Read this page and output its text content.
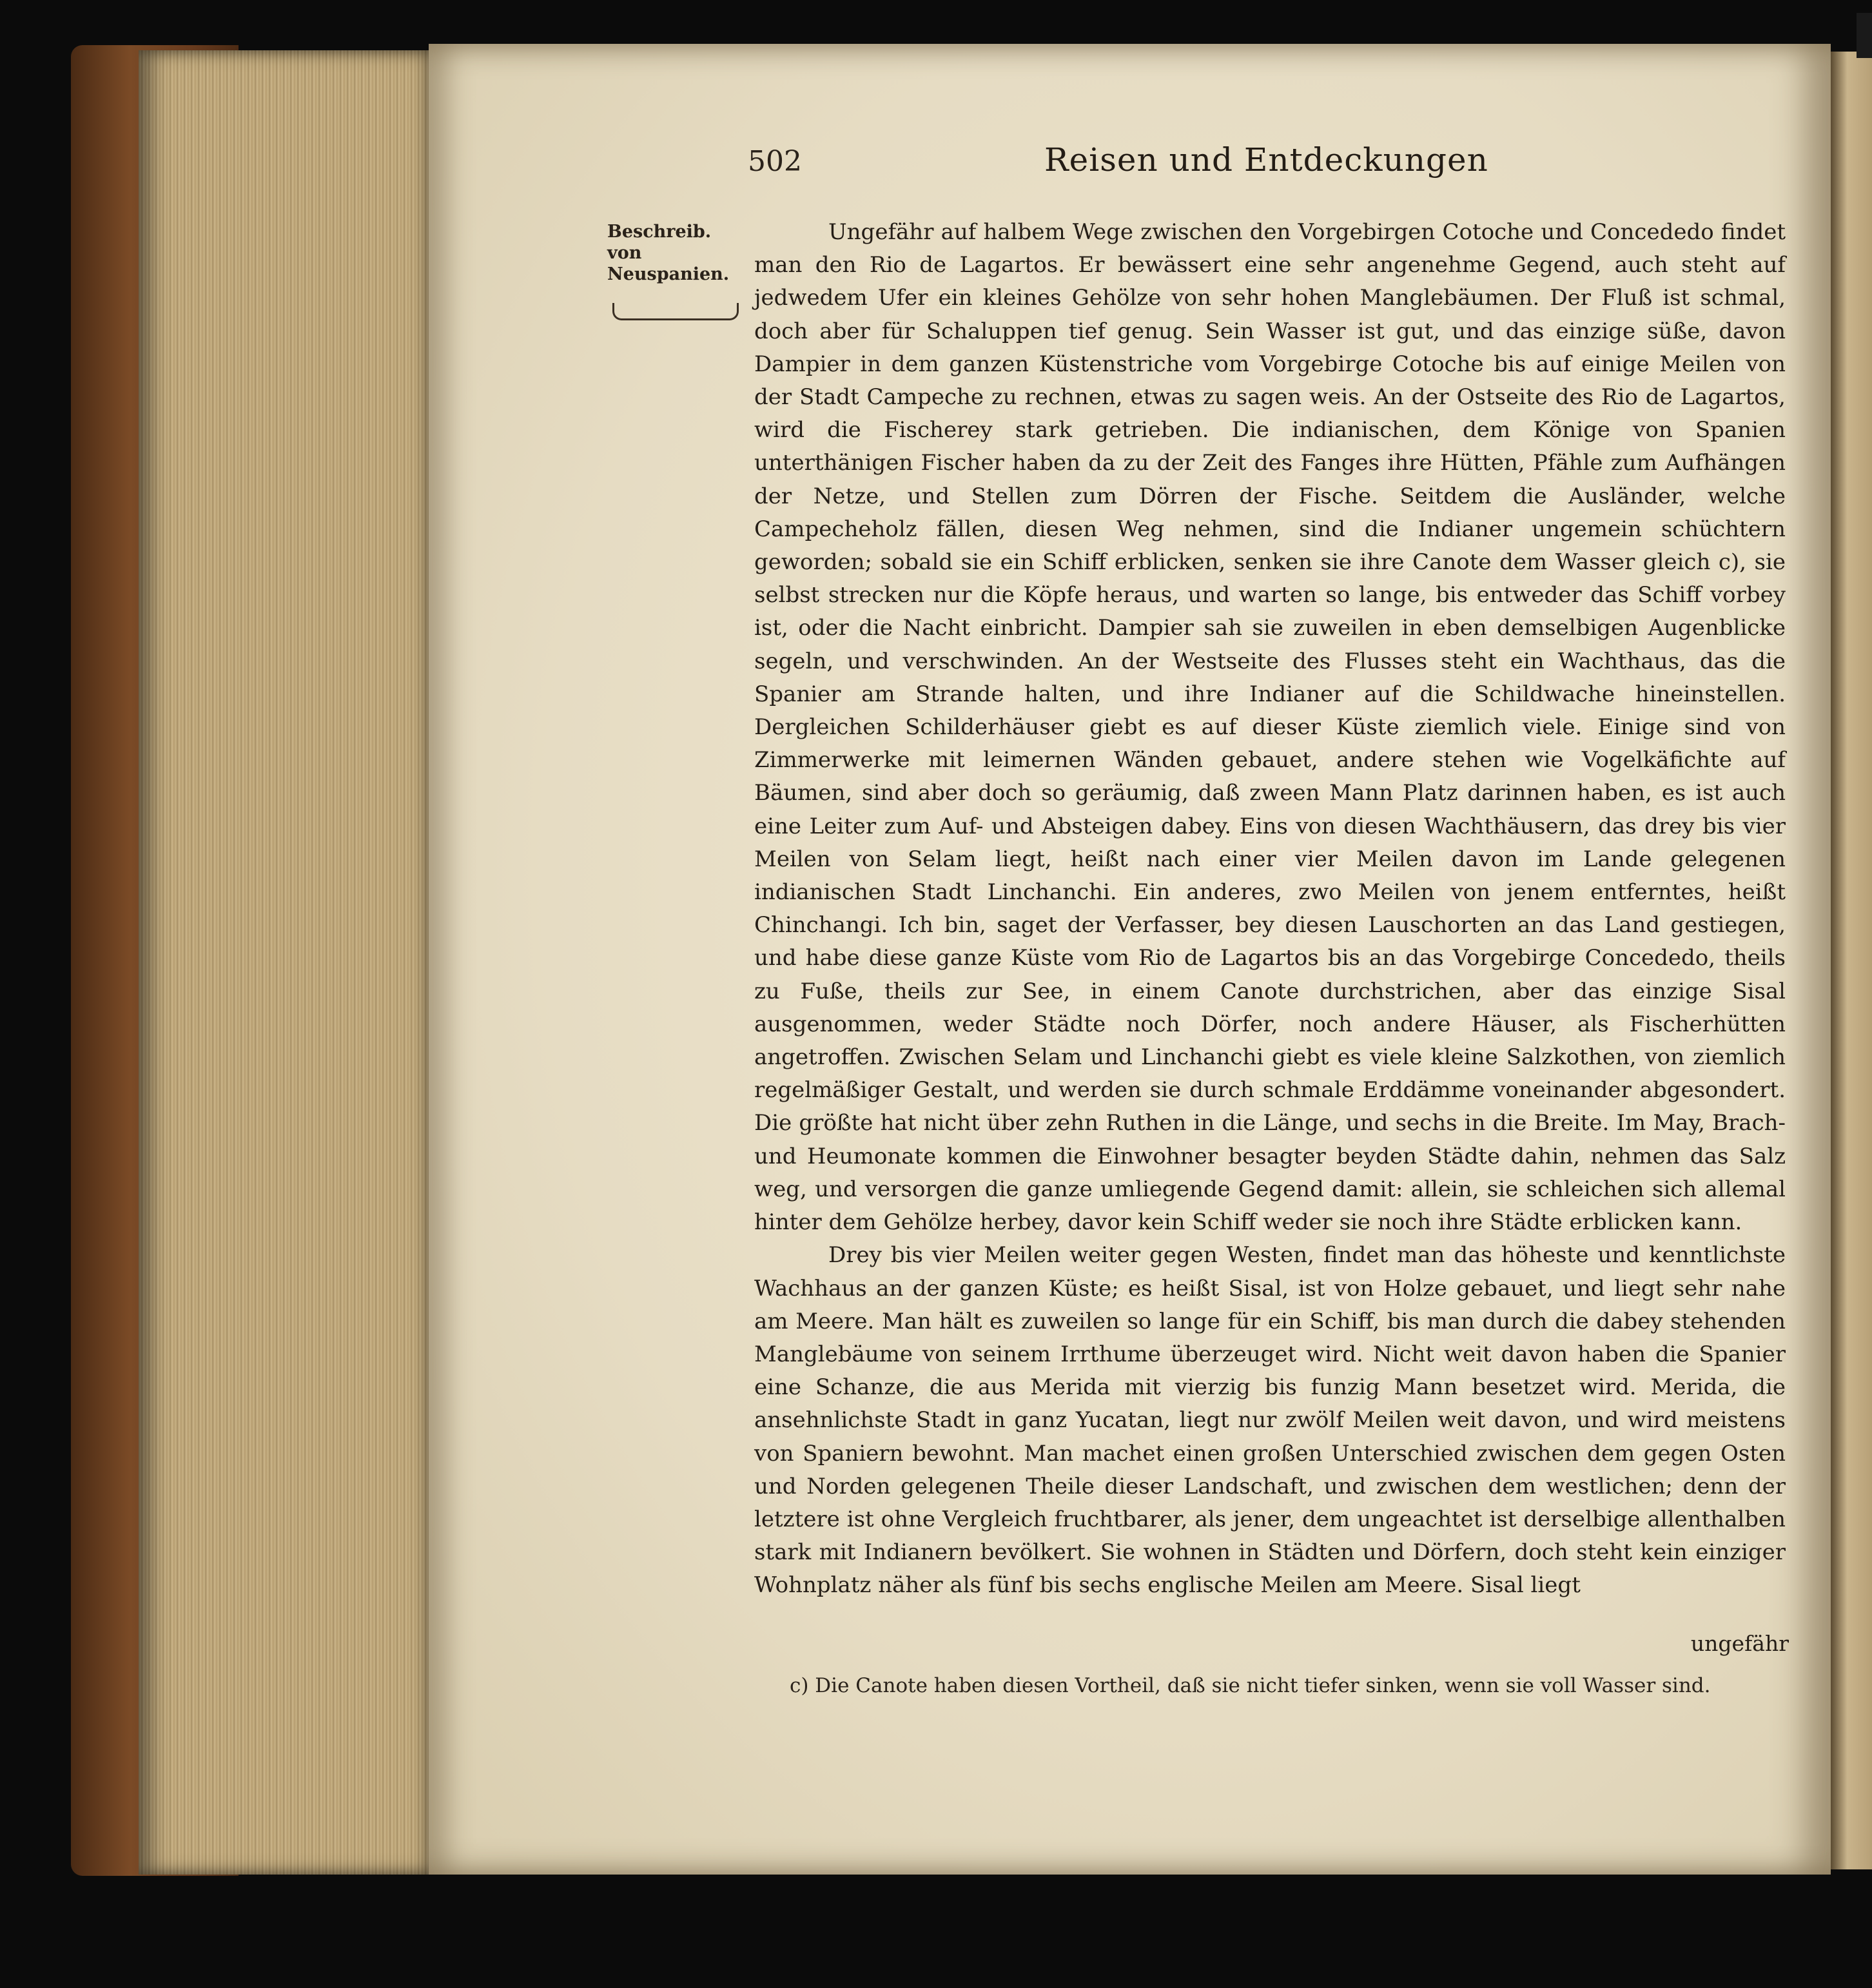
502	Reisen und Entdeckungen
Beschreib. von Neuspanien.

Ungefähr auf halbem Wege zwischen den Vorgebirgen Cotoche und Concededo findet man den Rio de Lagartos. Er bewässert eine sehr angenehme Gegend, auch steht auf jedwedem Ufer ein kleines Gehölze von sehr hohen Manglebäumen. Der Fluß ist schmal, doch aber für Schaluppen tief genug. Sein Wasser ist gut, und das einzige süße, davon Dampier in dem ganzen Küstenstriche vom Vorgebirge Cotoche bis auf einige Meilen von der Stadt Campeche zu rechnen, etwas zu sagen weis. An der Ostseite des Rio de Lagartos, wird die Fischerey stark getrieben. Die indianischen, dem Könige von Spanien unterthänigen Fischer haben da zu der Zeit des Fanges ihre Hütten, Pfähle zum Aufhängen der Netze, und Stellen zum Dörren der Fische. Seitdem die Ausländer, welche Campecheholz fällen, diesen Weg nehmen, sind die Indianer ungemein schüchtern geworden; sobald sie ein Schiff erblicken, senken sie ihre Canote dem Wasser gleich c), sie selbst strecken nur die Köpfe heraus, und warten so lange, bis entweder das Schiff vorbey ist, oder die Nacht einbricht. Dampier sah sie zuweilen in eben demselbigen Augenblicke segeln, und verschwinden. An der Westseite des Flusses steht ein Wachthaus, das die Spanier am Strande halten, und ihre Indianer auf die Schildwache hineinstellen. Dergleichen Schilderhäuser giebt es auf dieser Küste ziemlich viele. Einige sind von Zimmerwerke mit leimernen Wänden gebauet, andere stehen wie Vogelkäfichte auf Bäumen, sind aber doch so geräumig, daß zween Mann Platz darinnen haben, es ist auch eine Leiter zum Auf- und Absteigen dabey. Eins von diesen Wachthäusern, das drey bis vier Meilen von Selam liegt, heißt nach einer vier Meilen davon im Lande gelegenen indianischen Stadt Linchanchi. Ein anderes, zwo Meilen von jenem entferntes, heißt Chinchangi. Ich bin, saget der Verfasser, bey diesen Lauschorten an das Land gestiegen, und habe diese ganze Küste vom Rio de Lagartos bis an das Vorgebirge Concededo, theils zu Fuße, theils zur See, in einem Canote durchstrichen, aber das einzige Sisal ausgenommen, weder Städte noch Dörfer, noch andere Häuser, als Fischerhütten angetroffen. Zwischen Selam und Linchanchi giebt es viele kleine Salzkothen, von ziemlich regelmäßiger Gestalt, und werden sie durch schmale Erddämme voneinander abgesondert. Die größte hat nicht über zehn Ruthen in die Länge, und sechs in die Breite. Im May, Brach- und Heumonate kommen die Einwohner besagter beyden Städte dahin, nehmen das Salz weg, und versorgen die ganze umliegende Gegend damit: allein, sie schleichen sich allemal hinter dem Gehölze herbey, davor kein Schiff weder sie noch ihre Städte erblicken kann.

Drey bis vier Meilen weiter gegen Westen, findet man das höheste und kenntlichste Wachhaus an der ganzen Küste; es heißt Sisal, ist von Holze gebauet, und liegt sehr nahe am Meere. Man hält es zuweilen so lange für ein Schiff, bis man durch die dabey stehenden Manglebäume von seinem Irrthume überzeuget wird. Nicht weit davon haben die Spanier eine Schanze, die aus Merida mit vierzig bis funzig Mann besetzet wird. Merida, die ansehnlichste Stadt in ganz Yucatan, liegt nur zwölf Meilen weit davon, und wird meistens von Spaniern bewohnt. Man machet einen großen Unterschied zwischen dem gegen Osten und Norden gelegenen Theile dieser Landschaft, und zwischen dem westlichen; denn der letztere ist ohne Vergleich fruchtbarer, als jener, dem ungeachtet ist derselbige allenthalben stark mit Indianern bevölkert. Sie wohnen in Städten und Dörfern, doch steht kein einziger Wohnplatz näher als fünf bis sechs englische Meilen am Meere. Sisal liegt

ungefähr
c) Die Canote haben diesen Vortheil, daß sie nicht tiefer sinken, wenn sie voll Wasser sind.
